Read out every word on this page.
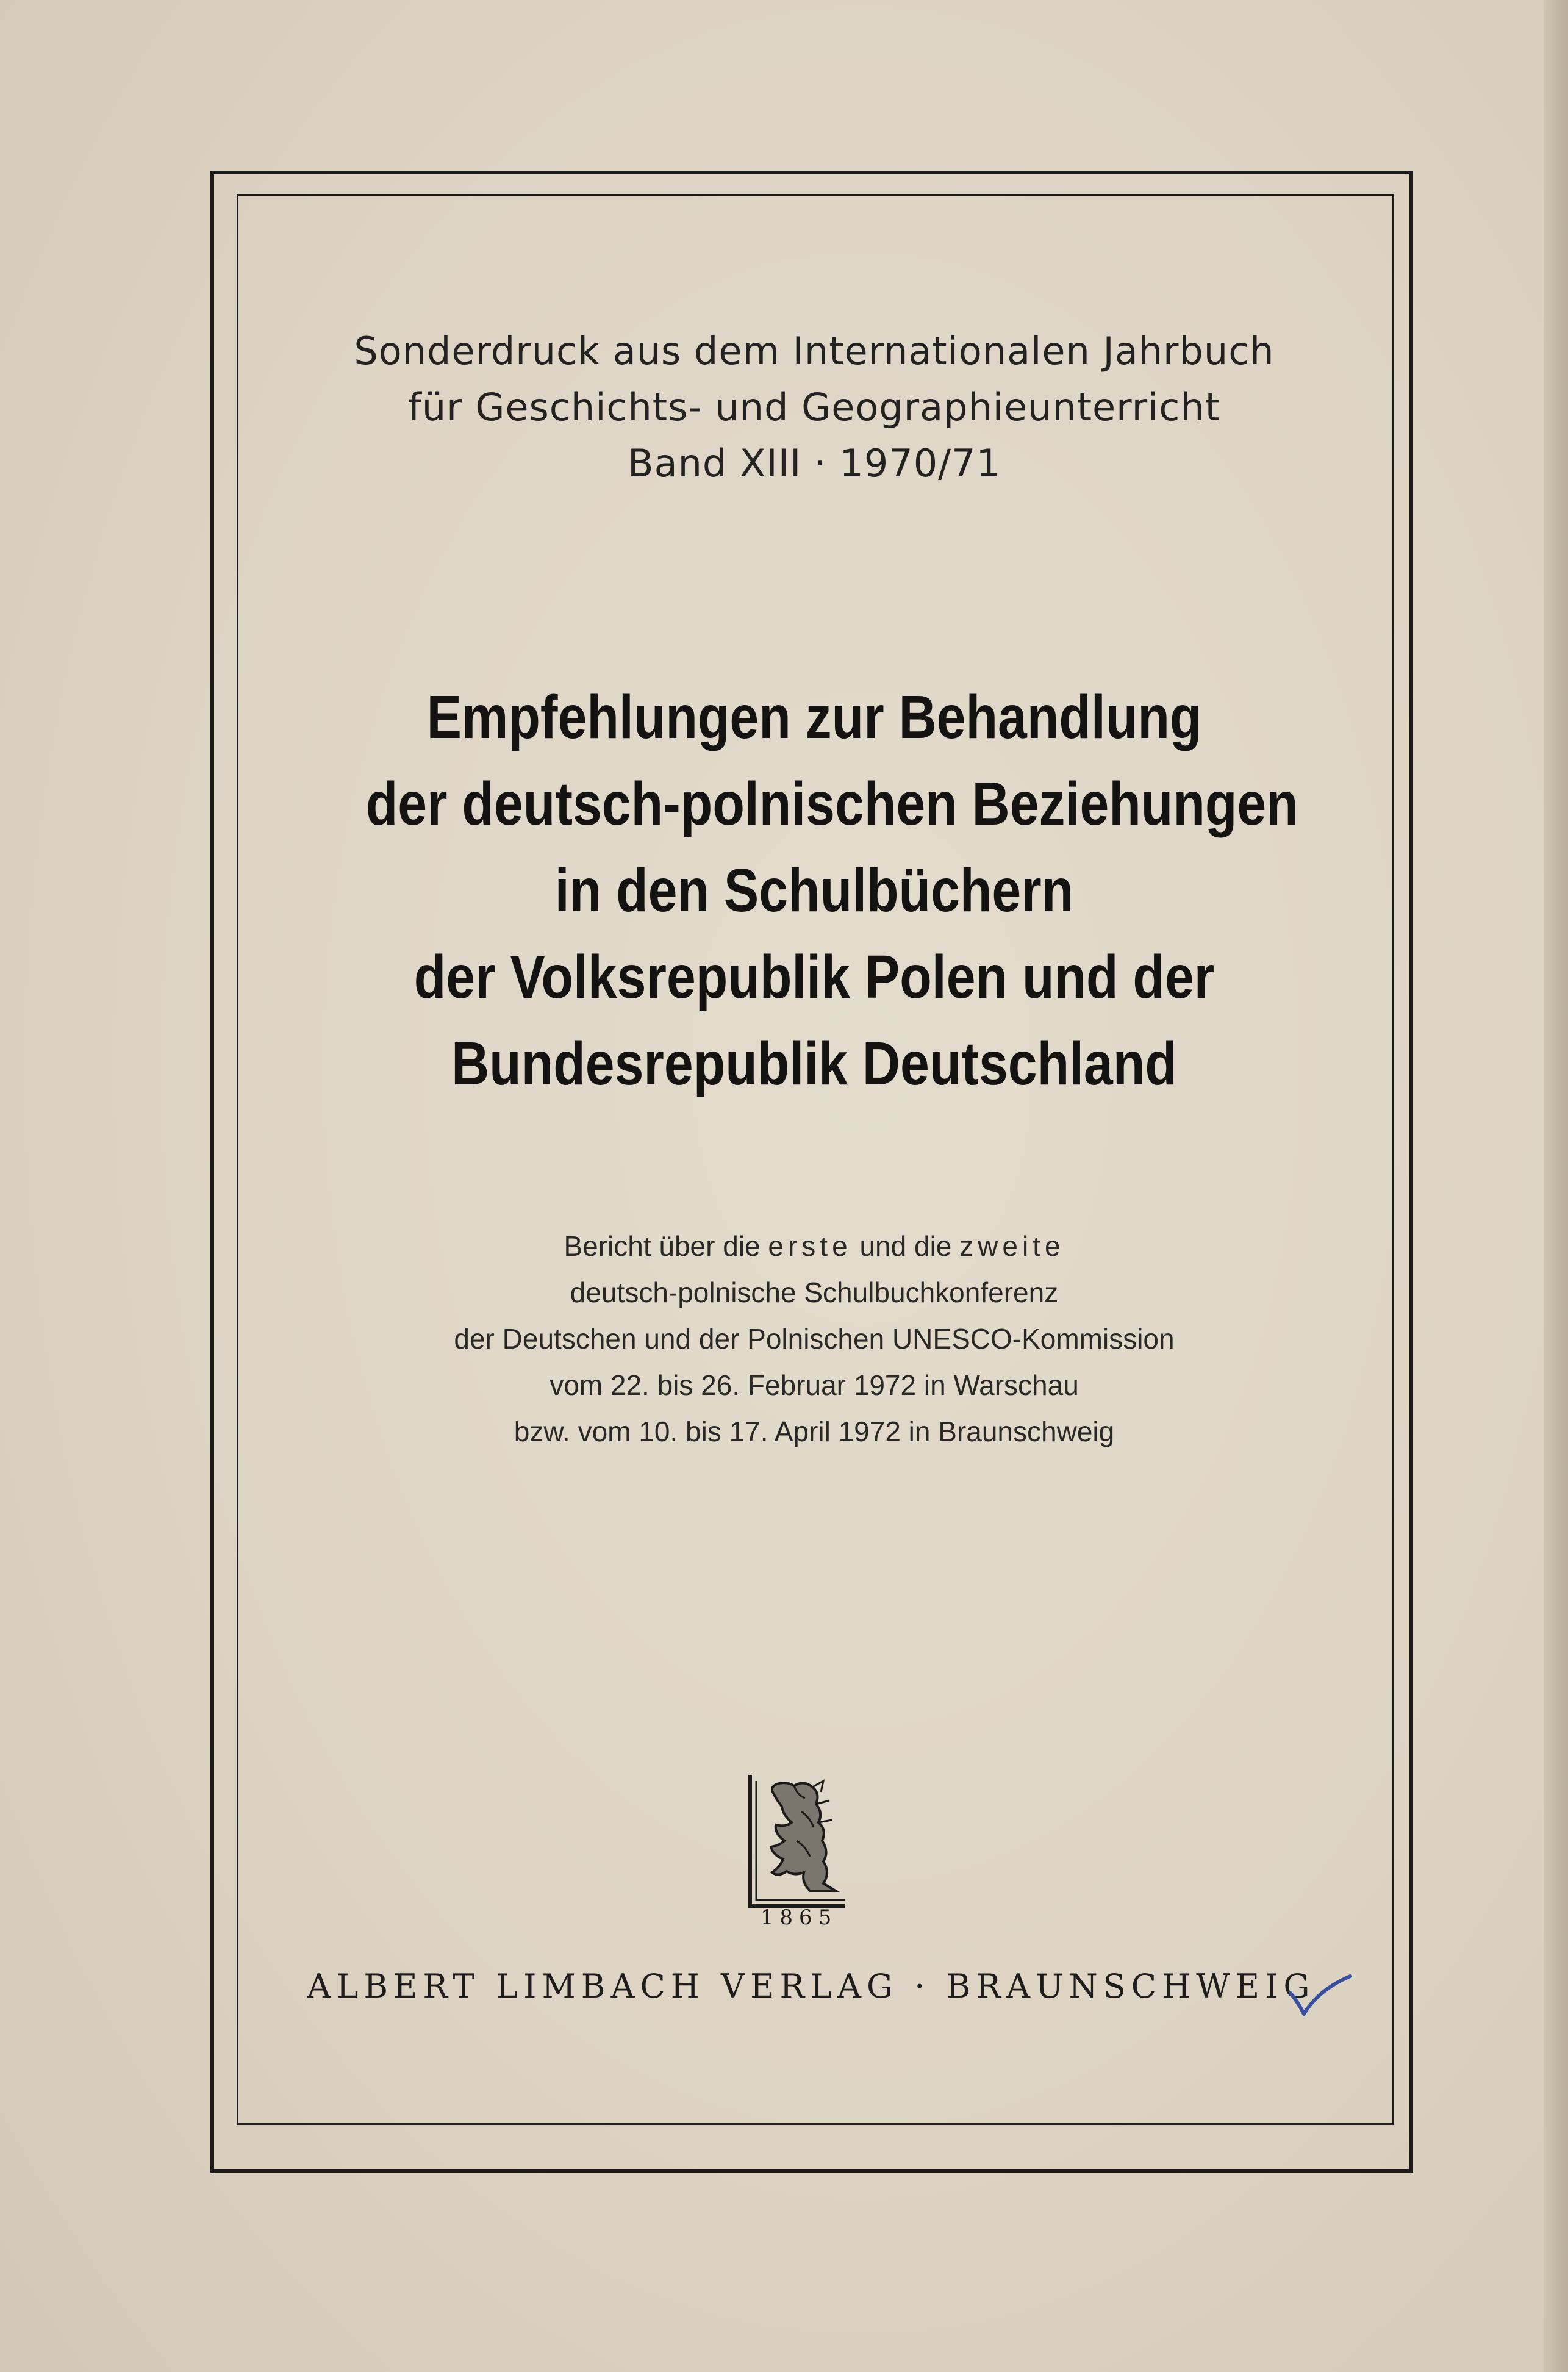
Sonderdruck aus dem Internationalen Jahrbuch
für Geschichts- und Geographieunterricht
Band XIII · 1970/71
Empfehlungen zur Behandlung
der deutsch-polnischen Beziehungen
in den Schulbüchern
der Volksrepublik Polen und der
Bundesrepublik Deutschland
Bericht über die erste und die zweite
deutsch-polnische Schulbuchkonferenz
der Deutschen und der Polnischen UNESCO-Kommission
vom 22. bis 26. Februar 1972 in Warschau
bzw. vom 10. bis 17. April 1972 in Braunschweig
1865
ALBERT LIMBACH VERLAG · BRAUNSCHWEIG
